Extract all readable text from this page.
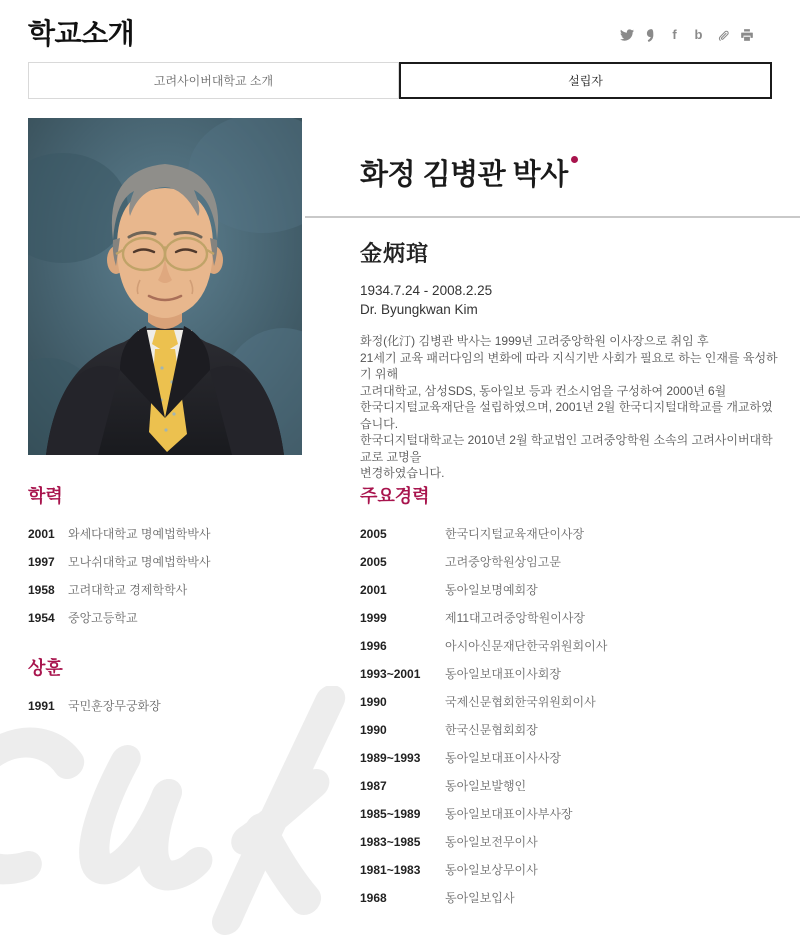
학교소개	f	b
고려사이버대학교 소개	설립자
화정 김병관 박사
金炳琯
1934.7.24 - 2008.2.25
Dr. Byungkwan Kim
화정(化汀) 김병관 박사는 1999년 고려중앙학원 이사장으로 취임 후
21세기 교육 패러다임의 변화에 따라 지식기반 사회가 필요로 하는 인재를 육성하기 위해
고려대학교, 삼성SDS, 동아일보 등과 컨소시엄을 구성하여 2000년 6월
한국디지털교육재단을 설립하였으며, 2001년 2월 한국디지털대학교를 개교하였습니다.
한국디지털대학교는 2010년 2월 학교법인 고려중앙학원 소속의 고려사이버대학교로 교명을
변경하였습니다.
학력
2001	와세다대학교 명예법학박사
1997	모나쉬대학교 명예법학박사
1958	고려대학교 경제학학사
1954	중앙고등학교
상훈
1991	국민훈장무궁화장
주요경력
2005	한국디지털교육재단이사장
2005	고려중앙학원상임고문
2001	동아일보명예회장
1999	제11대고려중앙학원이사장
1996	아시아신문재단한국위원회이사
1993~2001	동아일보대표이사회장
1990	국제신문협회한국위원회이사
1990	한국신문협회회장
1989~1993	동아일보대표이사사장
1987	동아일보발행인
1985~1989	동아일보대표이사부사장
1983~1985	동아일보전무이사
1981~1983	동아일보상무이사
1968	동아일보입사
